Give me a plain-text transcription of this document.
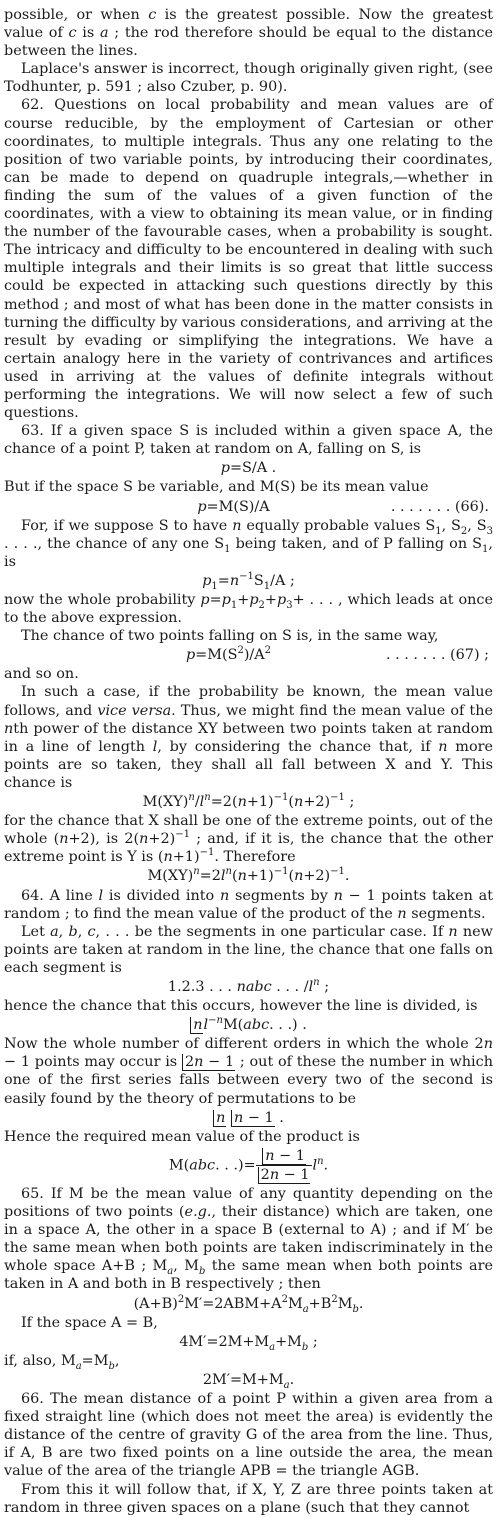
possible, or when c is the greatest possible. Now the greatest value of c is a ; the rod therefore should be equal to the distance between the lines.

Laplace's answer is incorrect, though originally given right, (see Todhunter, p. 591 ; also Czuber, p. 90).

62. Questions on local probability and mean values are of course reducible, by the employment of Cartesian or other coordinates, to multiple integrals. Thus any one relating to the position of two variable points, by introducing their coordinates, can be made to depend on quadruple integrals,—whether in finding the sum of the values of a given function of the coordinates, with a view to obtaining its mean value, or in finding the number of the favourable cases, when a probability is sought. The intricacy and difficulty to be encountered in dealing with such multiple integrals and their limits is so great that little success could be expected in attacking such questions directly by this method ; and most of what has been done in the matter consists in turning the difficulty by various considerations, and arriving at the result by evading or simplifying the integrations. We have a certain analogy here in the variety of contrivances and artifices used in arriving at the values of definite integrals without performing the integrations. We will now select a few of such questions.

63. If a given space S is included within a given space A, the chance of a point P, taken at random on A, falling on S, is

p=S/A .

But if the space S be variable, and M(S) be its mean value

p=M(S)/A	. . . . . . . (66).

For, if we suppose S to have n equally probable values $S_1$, $S_2$, $S_3$ . . . ., the chance of any one $S_1$ being taken, and of P falling on $S_1$, is

$p_1=n^{-1}S_1/A$ ;

now the whole probability $p=p_1+p_2+p_3+$ . . . , which leads at once to the above expression.

The chance of two points falling on S is, in the same way,

$p=M(S^2)/A^2$	. . . . . . . (67) ;

and so on.

In such a case, if the probability be known, the mean value follows, and vice versa. Thus, we might find the mean value of the nth power of the distance XY between two points taken at random in a line of length l, by considering the chance that, if n more points are so taken, they shall all fall between X and Y. This chance is

$M(XY)^n/l^n=2(n+1)^{-1}(n+2)^{-1}$ ;

for the chance that X shall be one of the extreme points, out of the whole (n+2), is $2(n+2)^{-1}$ ; and, if it is, the chance that the other extreme point is Y is $(n+1)^{-1}$. Therefore

$M(XY)^n=2l^n(n+1)^{-1}(n+2)^{-1}$.

64. A line l is divided into n segments by n − 1 points taken at random ; to find the mean value of the product of the n segments.

Let a, b, c, . . . be the segments in one particular case. If n new points are taken at random in the line, the chance that one falls on each segment is

1.2.3 . . . nabc . . . $/l^n$ ;

hence the chance that this occurs, however the line is divided, is

$nl^{-n}M(abc$. . .) .

Now the whole number of different orders in which the whole 2n − 1 points may occur is 2n − 1 ; out of these the number in which one of the first series falls between every two of the second is easily found by the theory of permutations to be

n n − 1 .

Hence the required mean value of the product is

M(abc. . .)= $\frac{n - 1}{2n - 1} l^n$.

65. If M be the mean value of any quantity depending on the positions of two points (e.g., their distance) which are taken, one in a space A, the other in a space B (external to A) ; and if M′ be the same mean when both points are taken indiscriminately in the whole space A+B ; $M_a$, $M_b$ the same mean when both points are taken in A and both in B respectively ; then

$(A+B)^2M'=2ABM+A^2M_a+B^2M_b$.

If the space A = B,

$4M'=2M+M_a+M_b$ ;

if, also, $M_a=M_b$,

$2M'=M+M_a$.

66. The mean distance of a point P within a given area from a fixed straight line (which does not meet the area) is evidently the distance of the centre of gravity G of the area from the line. Thus, if A, B are two fixed points on a line outside the area, the mean value of the area of the triangle APB = the triangle AGB.

From this it will follow that, if X, Y, Z are three points taken at random in three given spaces on a plane (such that they cannot
